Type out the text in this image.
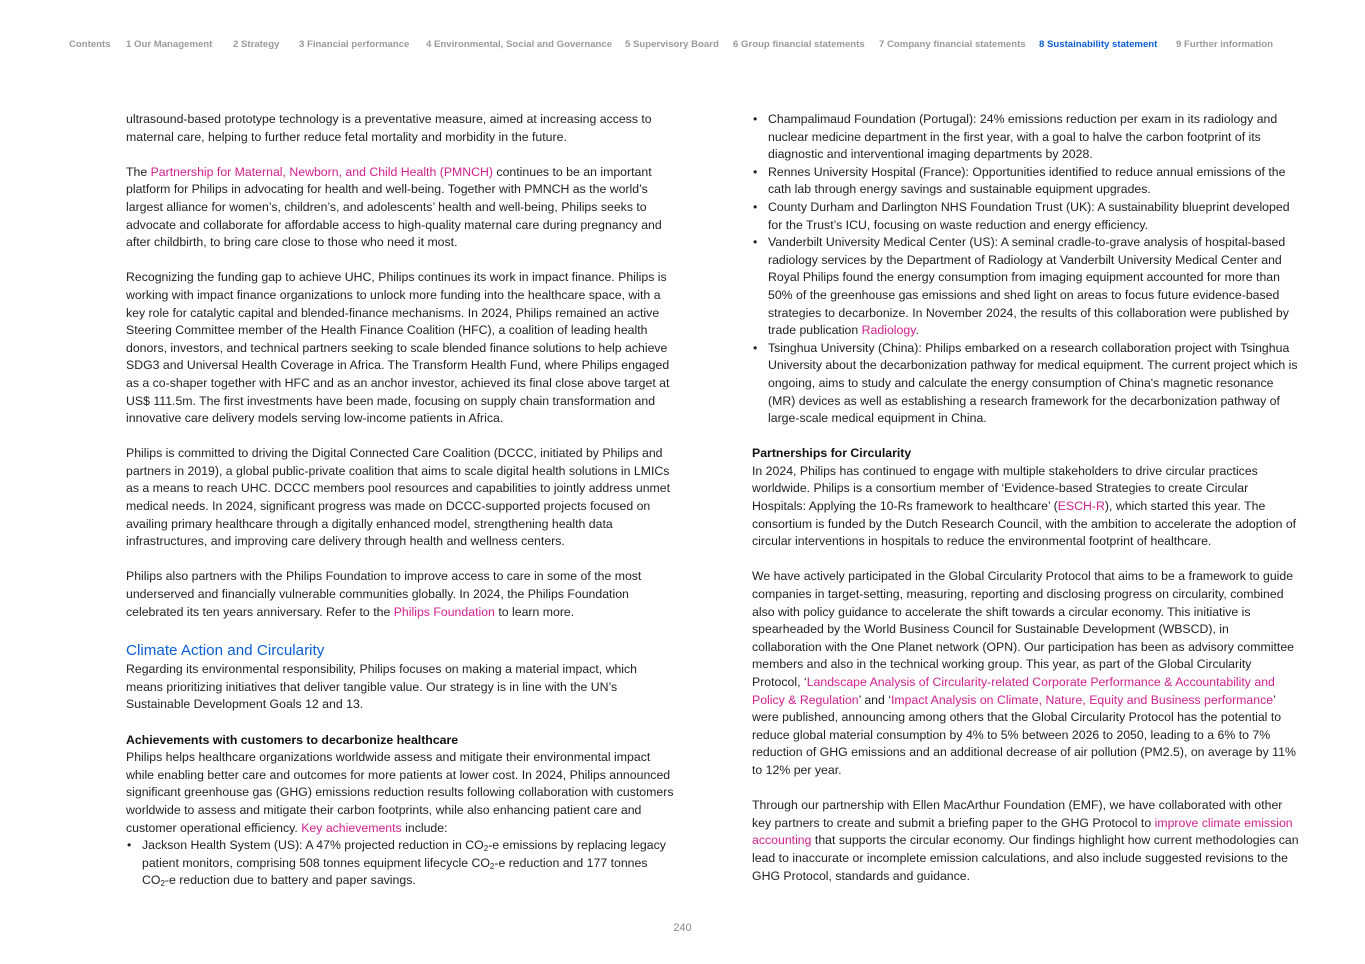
Contents 1 Our Management 2 Strategy 3 Financial performance 4 Environmental, Social and Governance 5 Supervisory Board 6 Group financial statements 7 Company financial statements 8 Sustainability statement 9 Further information

ultrasound-based prototype technology is a preventative measure, aimed at increasing access to maternal care, helping to further reduce fetal mortality and morbidity in the future.

The Partnership for Maternal, Newborn, and Child Health (PMNCH) continues to be an important platform for Philips in advocating for health and well-being. Together with PMNCH as the world’s largest alliance for women’s, children’s, and adolescents’ health and well-being, Philips seeks to advocate and collaborate for affordable access to high-quality maternal care during pregnancy and after childbirth, to bring care close to those who need it most.

Recognizing the funding gap to achieve UHC, Philips continues its work in impact finance. Philips is working with impact finance organizations to unlock more funding into the healthcare space, with a key role for catalytic capital and blended-finance mechanisms. In 2024, Philips remained an active Steering Committee member of the Health Finance Coalition (HFC), a coalition of leading health donors, investors, and technical partners seeking to scale blended finance solutions to help achieve SDG3 and Universal Health Coverage in Africa. The Transform Health Fund, where Philips engaged as a co-shaper together with HFC and as an anchor investor, achieved its final close above target at US$ 111.5m. The first investments have been made, focusing on supply chain transformation and innovative care delivery models serving low-income patients in Africa.

Philips is committed to driving the Digital Connected Care Coalition (DCCC, initiated by Philips and partners in 2019), a global public-private coalition that aims to scale digital health solutions in LMICs as a means to reach UHC. DCCC members pool resources and capabilities to jointly address unmet medical needs. In 2024, significant progress was made on DCCC-supported projects focused on availing primary healthcare through a digitally enhanced model, strengthening health data infrastructures, and improving care delivery through health and wellness centers.

Philips also partners with the Philips Foundation to improve access to care in some of the most underserved and financially vulnerable communities globally. In 2024, the Philips Foundation celebrated its ten years anniversary. Refer to the Philips Foundation to learn more.

Climate Action and Circularity

Regarding its environmental responsibility, Philips focuses on making a material impact, which means prioritizing initiatives that deliver tangible value. Our strategy is in line with the UN’s Sustainable Development Goals 12 and 13.

Achievements with customers to decarbonize healthcare

Philips helps healthcare organizations worldwide assess and mitigate their environmental impact while enabling better care and outcomes for more patients at lower cost. In 2024, Philips announced significant greenhouse gas (GHG) emissions reduction results following collaboration with customers worldwide to assess and mitigate their carbon footprints, while also enhancing patient care and customer operational efficiency. Key achievements include:

• Jackson Health System (US): A 47% projected reduction in $CO_2-e$ emissions by replacing legacy patient monitors, comprising 508 tonnes equipment lifecycle $CO_2-e$ reduction and 177 tonnes $CO_2-e$ reduction due to battery and paper savings.
• Champalimaud Foundation (Portugal): 24% emissions reduction per exam in its radiology and nuclear medicine department in the first year, with a goal to halve the carbon footprint of its diagnostic and interventional imaging departments by 2028.
• Rennes University Hospital (France): Opportunities identified to reduce annual emissions of the cath lab through energy savings and sustainable equipment upgrades.
• County Durham and Darlington NHS Foundation Trust (UK): A sustainability blueprint developed for the Trust’s ICU, focusing on waste reduction and energy efficiency.
• Vanderbilt University Medical Center (US): A seminal cradle-to-grave analysis of hospital-based radiology services by the Department of Radiology at Vanderbilt University Medical Center and Royal Philips found the energy consumption from imaging equipment accounted for more than 50% of the greenhouse gas emissions and shed light on areas to focus future evidence-based strategies to decarbonize. In November 2024, the results of this collaboration were published by trade publication Radiology.
• Tsinghua University (China): Philips embarked on a research collaboration project with Tsinghua University about the decarbonization pathway for medical equipment. The current project which is ongoing, aims to study and calculate the energy consumption of China's magnetic resonance (MR) devices as well as establishing a research framework for the decarbonization pathway of large-scale medical equipment in China.
Partnerships for Circularity

In 2024, Philips has continued to engage with multiple stakeholders to drive circular practices worldwide. Philips is a consortium member of ‘Evidence-based Strategies to create Circular Hospitals: Applying the 10-Rs framework to healthcare’ (ESCH-R), which started this year. The consortium is funded by the Dutch Research Council, with the ambition to accelerate the adoption of circular interventions in hospitals to reduce the environmental footprint of healthcare.

We have actively participated in the Global Circularity Protocol that aims to be a framework to guide companies in target-setting, measuring, reporting and disclosing progress on circularity, combined also with policy guidance to accelerate the shift towards a circular economy. This initiative is spearheaded by the World Business Council for Sustainable Development (WBSCD), in collaboration with the One Planet network (OPN). Our participation has been as advisory committee members and also in the technical working group. This year, as part of the Global Circularity Protocol, ‘Landscape Analysis of Circularity-related Corporate Performance & Accountability and Policy & Regulation’ and ‘Impact Analysis on Climate, Nature, Equity and Business performance’ were published, announcing among others that the Global Circularity Protocol has the potential to reduce global material consumption by 4% to 5% between 2026 to 2050, leading to a 6% to 7% reduction of GHG emissions and an additional decrease of air pollution (PM2.5), on average by 11% to 12% per year.

Through our partnership with Ellen MacArthur Foundation (EMF), we have collaborated with other key partners to create and submit a briefing paper to the GHG Protocol to improve climate emission accounting that supports the circular economy. Our findings highlight how current methodologies can lead to inaccurate or incomplete emission calculations, and also include suggested revisions to the GHG Protocol, standards and guidance.

240
